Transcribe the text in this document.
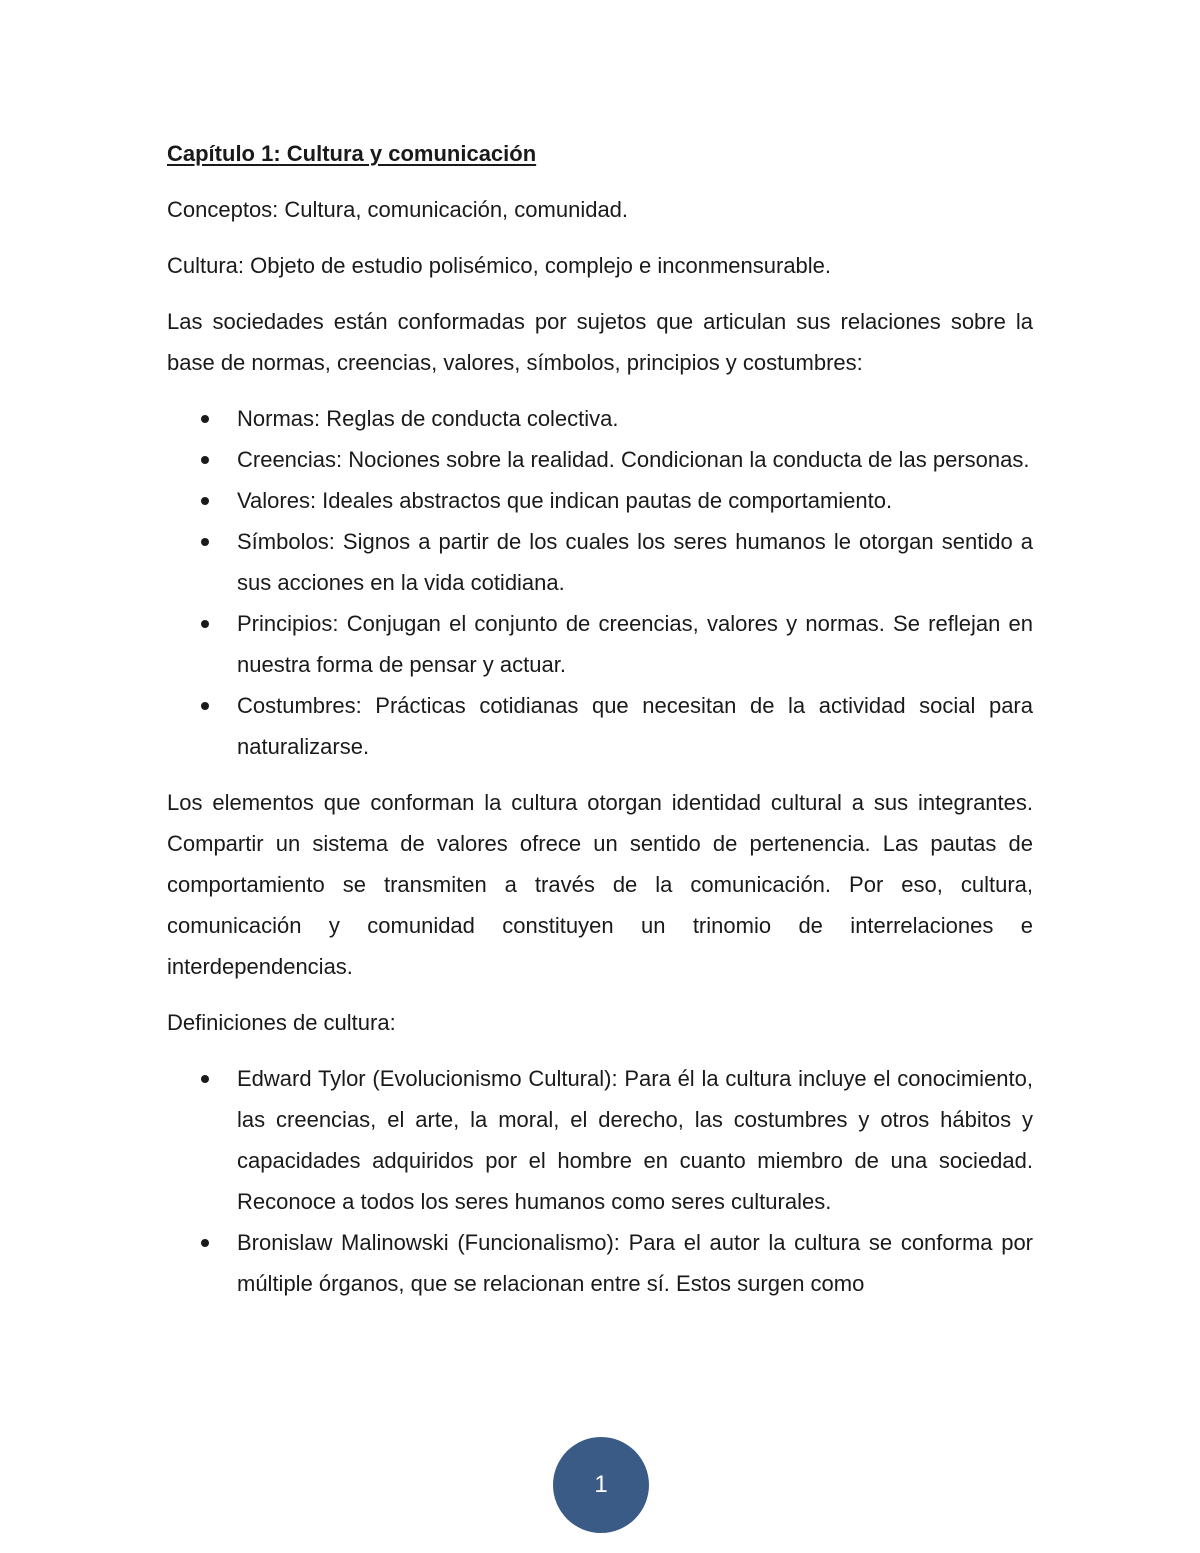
Capítulo 1: Cultura y comunicación

Conceptos: Cultura, comunicación, comunidad.

Cultura: Objeto de estudio polisémico, complejo e inconmensurable.

Las sociedades están conformadas por sujetos que articulan sus relaciones sobre la base de normas, creencias, valores, símbolos, principios y costumbres:

Normas: Reglas de conducta colectiva.
Creencias: Nociones sobre la realidad. Condicionan la conducta de las personas.
Valores: Ideales abstractos que indican pautas de comportamiento.
Símbolos: Signos a partir de los cuales los seres humanos le otorgan sentido a sus acciones en la vida cotidiana.
Principios: Conjugan el conjunto de creencias, valores y normas. Se reflejan en nuestra forma de pensar y actuar.
Costumbres: Prácticas cotidianas que necesitan de la actividad social para naturalizarse.

Los elementos que conforman la cultura otorgan identidad cultural a sus integrantes. Compartir un sistema de valores ofrece un sentido de pertenencia. Las pautas de comportamiento se transmiten a través de la comunicación. Por eso, cultura, comunicación y comunidad constituyen un trinomio de interrelaciones e interdependencias.

Definiciones de cultura:

Edward Tylor (Evolucionismo Cultural): Para él la cultura incluye el conocimiento, las creencias, el arte, la moral, el derecho, las costumbres y otros hábitos y capacidades adquiridos por el hombre en cuanto miembro de una sociedad. Reconoce a todos los seres humanos como seres culturales.
Bronislaw Malinowski (Funcionalismo): Para el autor la cultura se conforma por múltiple órganos, que se relacionan entre sí. Estos surgen como
1
